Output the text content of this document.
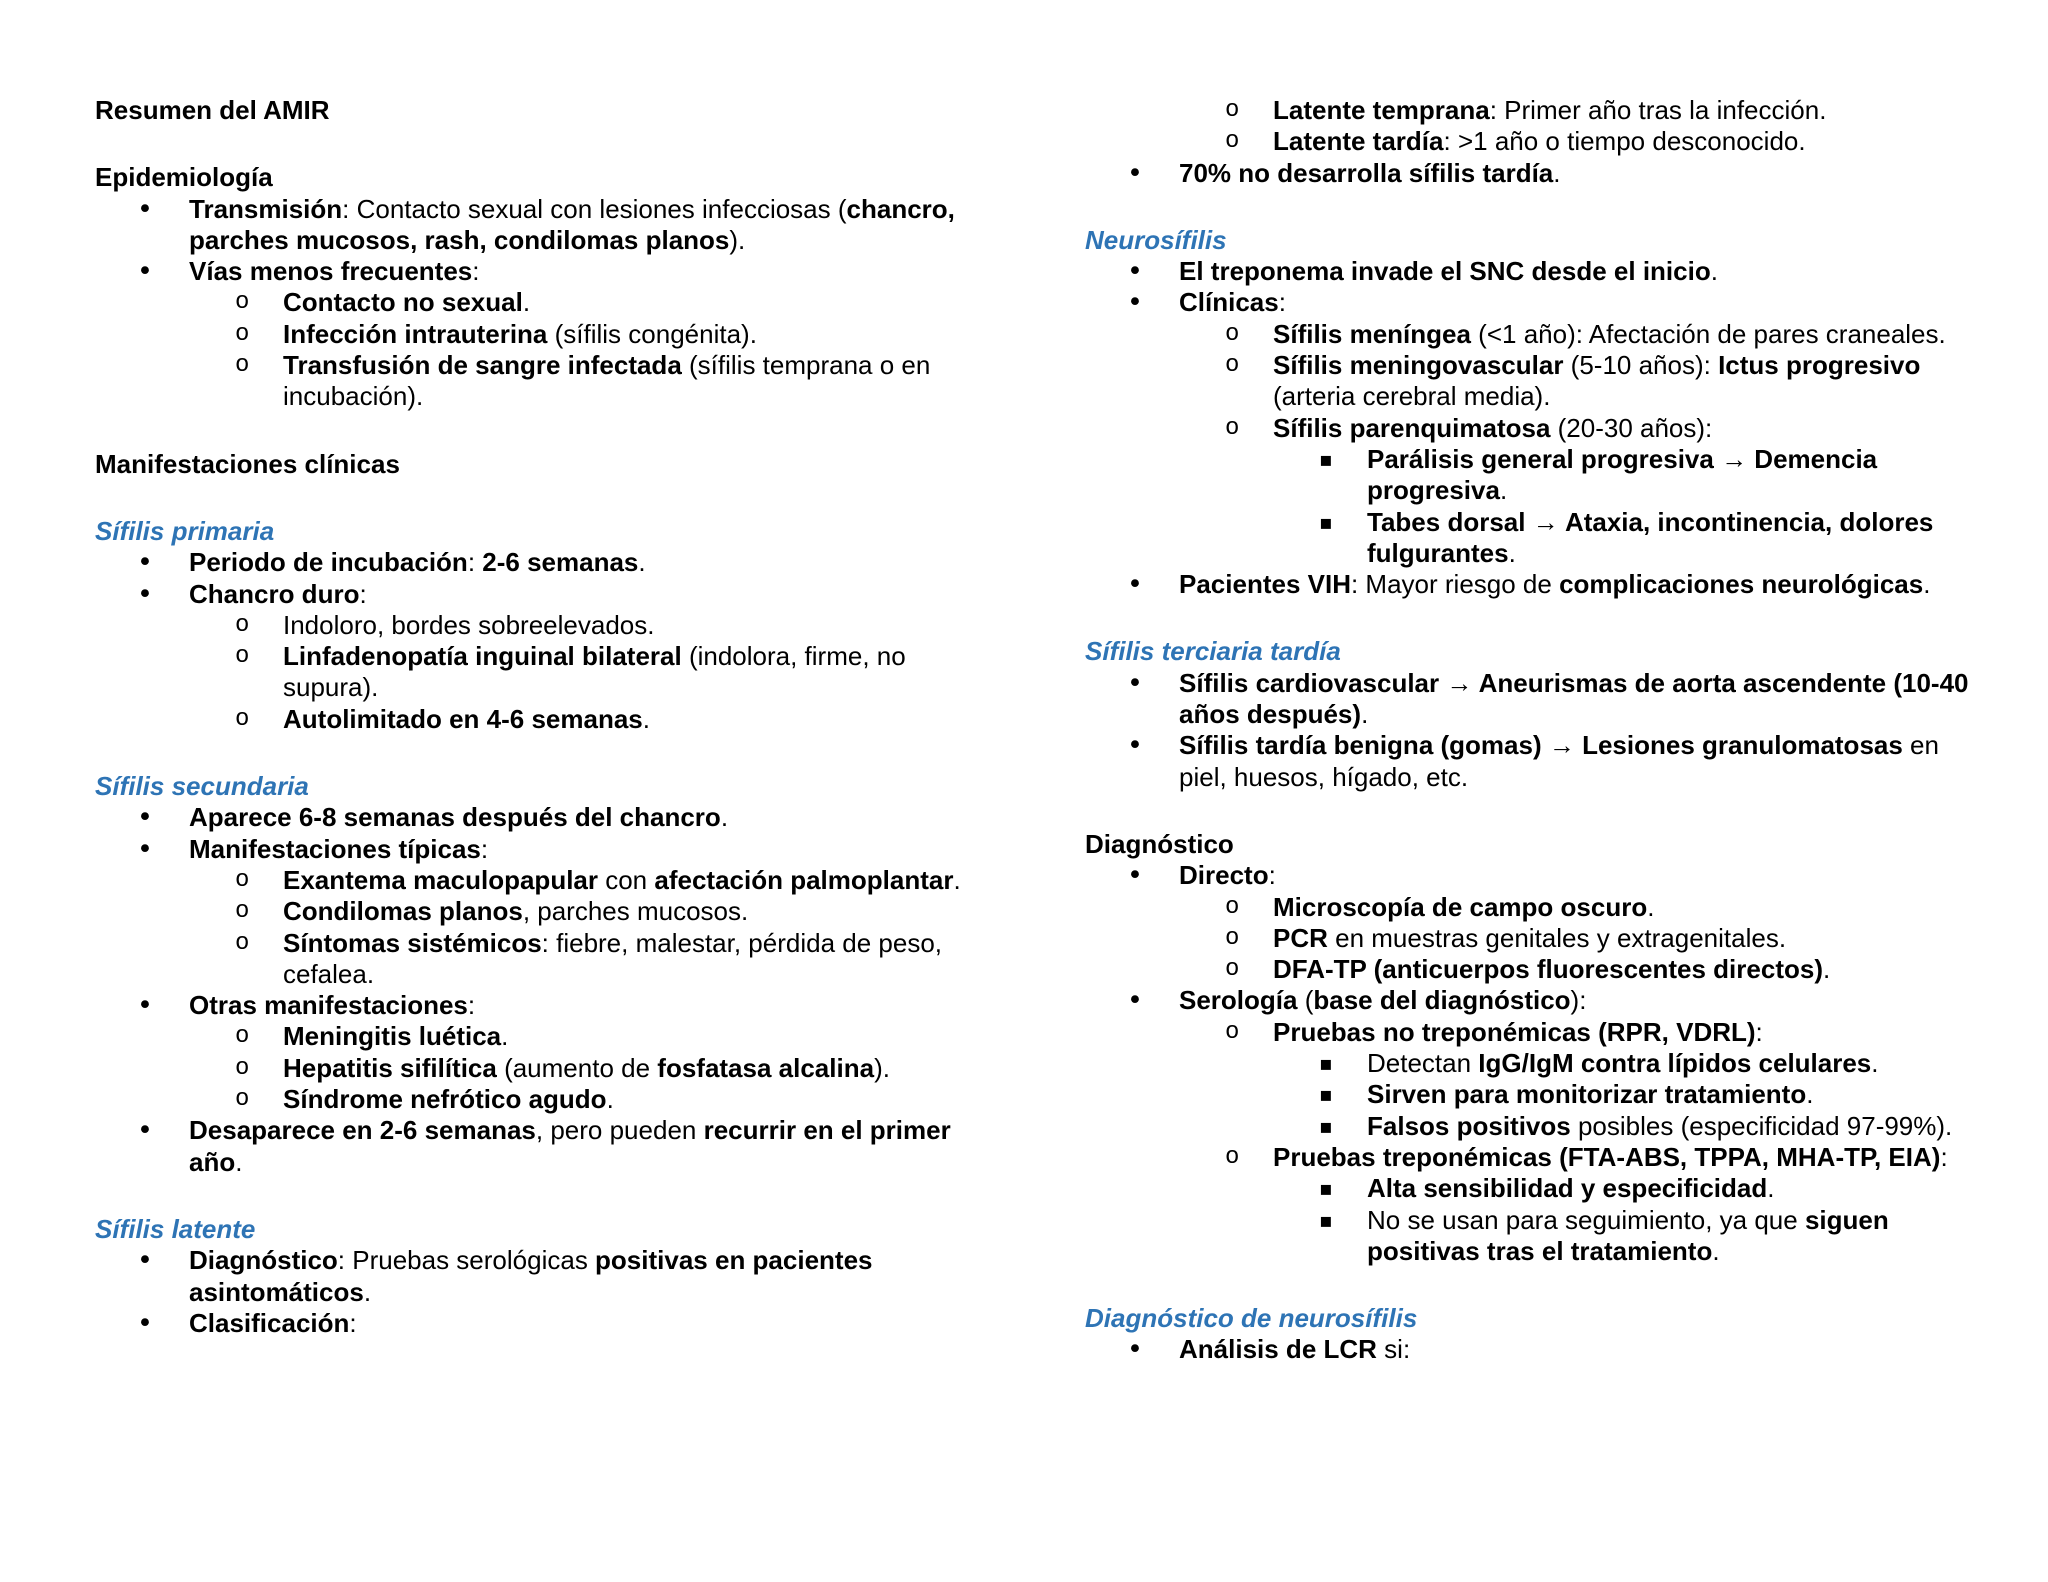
Resumen del AMIR
Epidemiología
• Transmisión: Contacto sexual con lesiones infecciosas (chancro, parches mucosos, rash, condilomas planos).
• Vías menos frecuentes:
o Contacto no sexual.
o Infección intrauterina (sífilis congénita).
o Transfusión de sangre infectada (sífilis temprana o en incubación).
Manifestaciones clínicas
Sífilis primaria
• Periodo de incubación: 2-6 semanas.
• Chancro duro:
o Indoloro, bordes sobreelevados.
o Linfadenopatía inguinal bilateral (indolora, firme, no supura).
o Autolimitado en 4-6 semanas.
Sífilis secundaria
• Aparece 6-8 semanas después del chancro.
• Manifestaciones típicas:
o Exantema maculopapular con afectación palmoplantar.
o Condilomas planos, parches mucosos.
o Síntomas sistémicos: fiebre, malestar, pérdida de peso, cefalea.
• Otras manifestaciones:
o Meningitis luética.
o Hepatitis sifilítica (aumento de fosfatasa alcalina).
o Síndrome nefrótico agudo.
• Desaparece en 2-6 semanas, pero pueden recurrir en el primer año.
Sífilis latente
• Diagnóstico: Pruebas serológicas positivas en pacientes asintomáticos.
• Clasificación:
o Latente temprana: Primer año tras la infección.
o Latente tardía: >1 año o tiempo desconocido.
• 70% no desarrolla sífilis tardía.
Neurosífilis
• El treponema invade el SNC desde el inicio.
• Clínicas:
o Sífilis meníngea (<1 año): Afectación de pares craneales.
o Sífilis meningovascular (5-10 años): Ictus progresivo (arteria cerebral media).
o Sífilis parenquimatosa (20-30 años):
▪ Parálisis general progresiva → Demencia progresiva.
▪ Tabes dorsal → Ataxia, incontinencia, dolores fulgurantes.
• Pacientes VIH: Mayor riesgo de complicaciones neurológicas.
Sífilis terciaria tardía
• Sífilis cardiovascular → Aneurismas de aorta ascendente (10-40 años después).
• Sífilis tardía benigna (gomas) → Lesiones granulomatosas en piel, huesos, hígado, etc.
Diagnóstico
• Directo:
o Microscopía de campo oscuro.
o PCR en muestras genitales y extragenitales.
o DFA-TP (anticuerpos fluorescentes directos).
• Serología (base del diagnóstico):
o Pruebas no treponémicas (RPR, VDRL):
▪ Detectan IgG/IgM contra lípidos celulares.
▪ Sirven para monitorizar tratamiento.
▪ Falsos positivos posibles (especificidad 97-99%).
o Pruebas treponémicas (FTA-ABS, TPPA, MHA-TP, EIA):
▪ Alta sensibilidad y especificidad.
▪ No se usan para seguimiento, ya que siguen positivas tras el tratamiento.
Diagnóstico de neurosífilis
• Análisis de LCR si:
